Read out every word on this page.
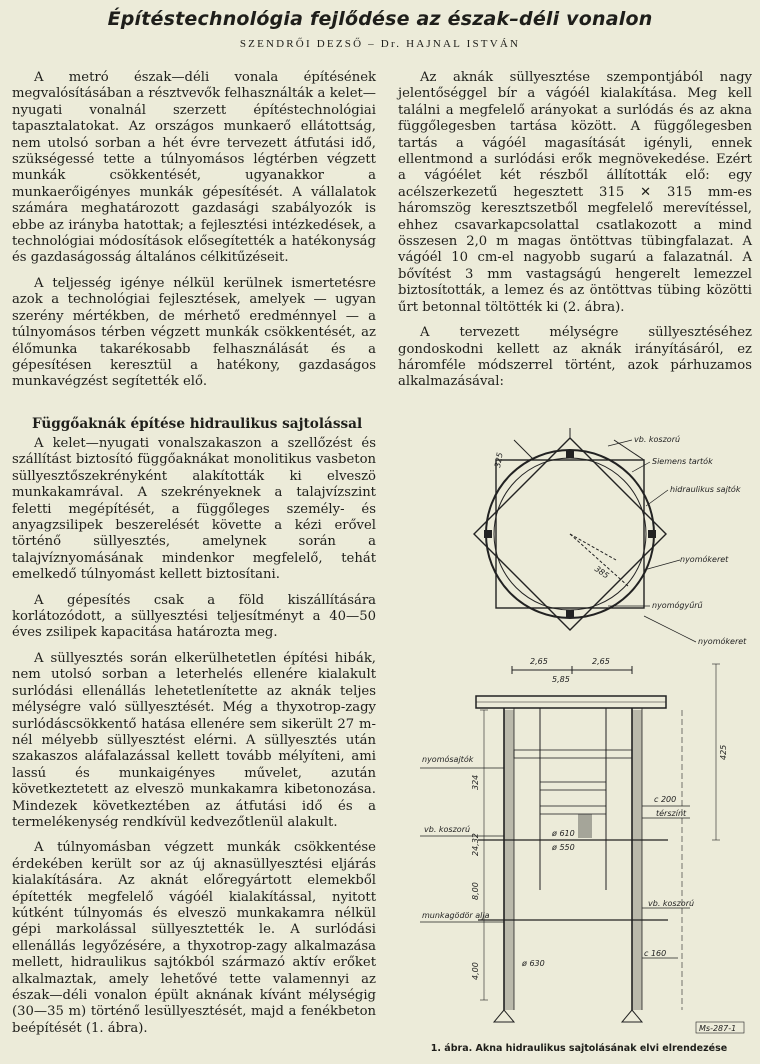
Építéstechnológia fejlődése az észak–déli vonalon
SZENDRŐI DEZSŐ – Dr. HAJNAL ISTVÁN

A metró észak—déli vonala építésének megvalósításában a résztvevők felhasználták a kelet—nyugati vonalnál szerzett építéstechnológiai tapasztalatokat. Az országos munkaerő ellátottság, nem utolsó sorban a hét évre tervezett átfutási idő, szükségessé tette a túlnyomásos légtérben végzett munkák csökkentését, ugyanakkor a munkaerőigényes munkák gépesítését. A vállalatok számára meghatározott gazdasági szabályozók is ebbe az irányba hatottak; a fejlesztési intézkedések, a technológiai módosítások elősegítették a hatékonyság és gazdaságosság általános célkitűzéseit.

A teljesség igénye nélkül kerülnek ismertetésre azok a technológiai fejlesztések, amelyek — ugyan szerény mértékben, de mérhető eredménnyel — a túlnyomásos térben végzett munkák csökkentését, az élőmunka takarékosabb felhasználását és a gépesítésen keresztül a hatékony, gazdaságos munkavégzést segítették elő.

Függőaknák építése hidraulikus sajtolással

A kelet—nyugati vonalszakaszon a szellőzést és szállítást biztosító függőaknákat monolitikus vasbeton süllyesztőszekrényként alakították ki elveszö munkakamrával. A szekrényeknek a talajvízszint feletti megépítését, a függőleges személy- és anyagzsilipek beszerelését követte a kézi erővel történő süllyesztés, amelynek során a talajvíznyomásának mindenkor megfelelő, tehát emelkedő túlnyomást kellett biztosítani.

A gépesítés csak a föld kiszállítására korlátozódott, a süllyesztési teljesítményt a 40—50 éves zsilipek kapacitása határozta meg.

A süllyesztés során elkerülhetetlen építési hibák, nem utolsó sorban a leterhelés ellenére kialakult surlódási ellenállás lehetetlenítette az aknák teljes mélységre való süllyesztését. Még a thyxotrop-zagy surlódáscsökkentő hatása ellenére sem sikerült 27 m-nél mélyebb süllyesztést elérni. A süllyesztés után szakaszos aláfalazással kellett tovább mélyíteni, ami lassú és munkaigényes művelet, azután következtetett az elveszö munkakamra kibetonozása. Mindezek következtében az átfutási idő és a termelékenység rendkívül kedvezőtlenül alakult.

A túlnyomásban végzett munkák csökkentése érdekében került sor az új aknasüllyesztési eljárás kialakítására. Az aknát előregyártott elemekből építették megfelelő vágóél kialakítással, nyitott kútként túlnyomás és elveszö munkakamra nélkül gépi markolással süllyesztették le. A surlódási ellenállás legyőzésére, a thyxotrop-zagy alkalmazása mellett, hidraulikus sajtókból származó aktív erőket alkalmaztak, amely lehetővé tette valamennyi az észak—déli vonalon épült aknának kívánt mélységig (30—35 m) történő lesüllyesztését, majd a fenékbeton beépítését (1. ábra).

Az aknák süllyesztése szempontjából nagy jelentőséggel bír a vágóél kialakítása. Meg kell találni a megfelelő arányokat a surlódás és az akna függőlegesben tartása között. A függőlegesben tartás a vágóél magasítását igényli, ennek ellentmond a surlódási erők megnövekedése. Ezért a vágóélet két részből állították elő: egy acélszerkezetű hegesztett 315 ✕ 315 mm-es háromszög keresztszetből megfelelő merevítéssel, ehhez csavarkapcsolattal csatlakozott a mind összesen 2,0 m magas öntöttvas tübingfalazat. A vágóél 10 cm-el nagyobb sugarú a falazatnál. A bővítést 3 mm vastagságú hengerelt lemezzel biztosították, a lemez és az öntöttvas tübing közötti űrt betonnal töltötték ki (2. ábra).

A tervezett mélységre süllyesztéséhez gondoskodni kellett az aknák irányításáról, ez háromféle módszerrel történt, azok párhuzamos alkalmazásával:

vb. koszorú
Siemens tartók
hidraulikus sajtók
nyomókeret
nyomógyűrű
nyomókeret
325
385
2,65	2,65
5,85
nyomósajtók
vb. koszorú
c 200
térszínt
vb. koszorú
munkagödör alja
c 160
ø 610
ø 550
ø 630
324
24,32
8,00
4,00
425
Ms-287-1
1. ábra. Akna hidraulikus sajtolásának elvi elrendezése
